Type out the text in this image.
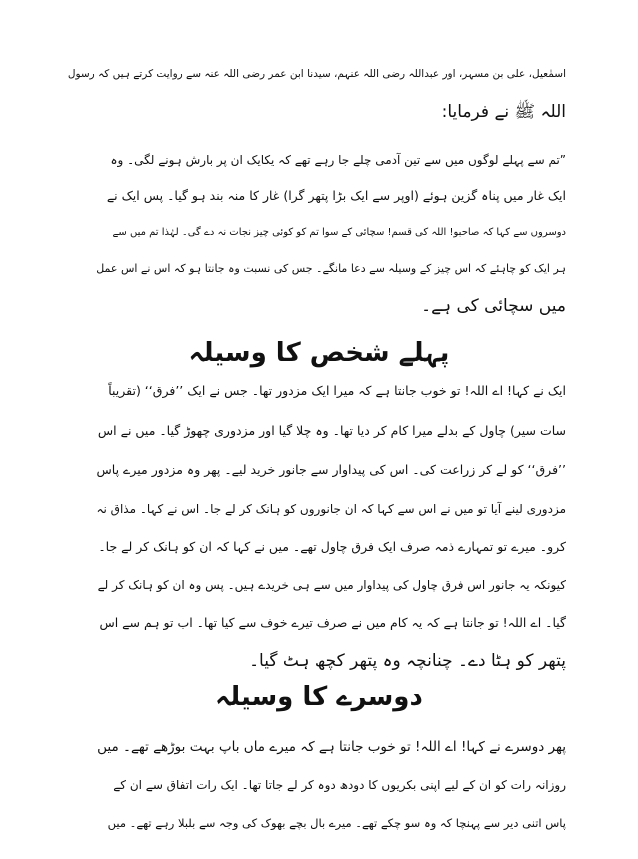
اسمٰعیل، علی بن مسہر، اور عبداللہ رضی اللہ عنہم، سیدنا ابن عمر رضی اللہ عنہ سے روایت کرتے ہیں کہ رسول
اللہ ﷺ نے فرمایا:
”تم سے پہلے لوگوں میں سے تین آدمی چلے جا رہے تھے کہ یکایک ان پر بارش ہونے لگی۔ وہ
ایک غار میں پناہ گزین ہوئے (اوپر سے ایک بڑا پتھر گرا) غار کا منہ بند ہو گیا۔ پس ایک نے
دوسروں سے کہا کہ صاحبو! اللہ کی قسم! سچائی کے سوا تم کو کوئی چیز نجات نہ دے گی۔ لہٰذا تم میں سے
ہر ایک کو چاہئے کہ اس چیز کے وسیلہ سے دعا مانگے۔ جس کی نسبت وہ جانتا ہو کہ اس نے اس عمل
میں سچائی کی ہے۔
پہلے شخص کا وسیلہ
ایک نے کہا! اے اللہ! تو خوب جانتا ہے کہ میرا ایک مزدور تھا۔ جس نے ایک ’’فرق‘‘ (تقریباً
سات سیر) چاول کے بدلے میرا کام کر دیا تھا۔ وہ چلا گیا اور مزدوری چھوڑ گیا۔ میں نے اس
’’فرق‘‘ کو لے کر زراعت کی۔ اس کی پیداوار سے جانور خرید لیے۔ پھر وہ مزدور میرے پاس
مزدوری لینے آیا تو میں نے اس سے کہا کہ ان جانوروں کو ہانک کر لے جا۔ اس نے کہا۔ مذاق نہ
کرو۔ میرے تو تمہارے ذمہ صرف ایک فرق چاول تھے۔ میں نے کہا کہ ان کو ہانک کر لے جا۔
کیونکہ یہ جانور اس فرق چاول کی پیداوار میں سے ہی خریدے ہیں۔ پس وہ ان کو ہانک کر لے
گیا۔ اے اللہ! تو جانتا ہے کہ یہ کام میں نے صرف تیرے خوف سے کیا تھا۔ اب تو ہم سے اس
پتھر کو ہٹا دے۔ چنانچہ وہ پتھر کچھ ہٹ گیا۔
دوسرے کا وسیلہ
پھر دوسرے نے کہا! اے اللہ! تو خوب جانتا ہے کہ میرے ماں باپ بہت بوڑھے تھے۔ میں
روزانہ رات کو ان کے لیے اپنی بکریوں کا دودھ دوہ کر لے جاتا تھا۔ ایک رات اتفاق سے ان کے
پاس اتنی دیر سے پہنچا کہ وہ سو چکے تھے۔ میرے بال بچے بھوک کی وجہ سے بلبلا رہے تھے۔ میں
